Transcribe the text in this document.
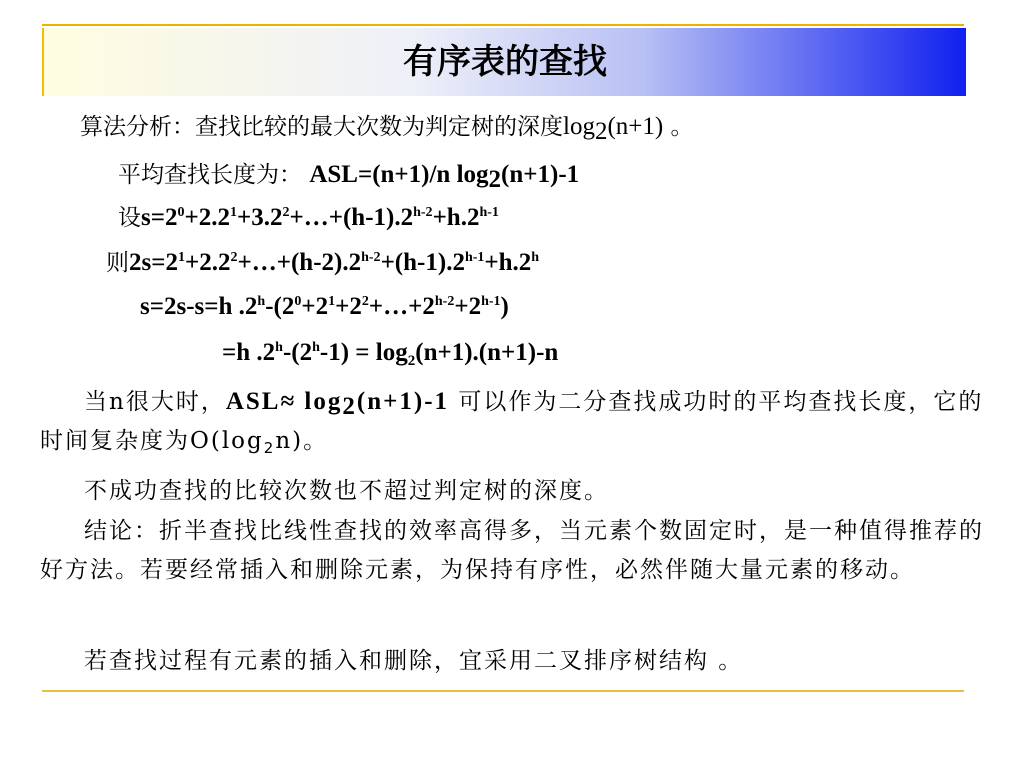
有序表的查找
算法分析：查找比较的最大次数为判定树的深度$\log_2(n+1)$ 。
平均查找长度为： ASL=(n+1)/n $\log_2(n+1)-1$
设$s=2^0+2.2^1+3.2^2+\dots+(h-1).2^{h-2}+h.2^{h-1}$
则$2s=2^1+2.2^2+\dots+(h-2).2^{h-2}+(h-1).2^{h-1}+h.2^h$
s=2s-s=h $.2^h-(2^0+2^1+2^2+\dots+2^{h-2}+2^{h-1})$
=h $.2^h-(2^h-1) = \log_2(n+1).(n+1)-n$
当n很大时，$ASL\approx \log_2(n+1)-1$ 可以作为二分查找成功时的平均查找长度，它的时间复杂度为$O(\log_2n)$。
不成功查找的比较次数也不超过判定树的深度。
结论：折半查找比线性查找的效率高得多，当元素个数固定时，是一种值得推荐的好方法。若要经常插入和删除元素，为保持有序性，必然伴随大量元素的移动。
若查找过程有元素的插入和删除，宜采用二叉排序树结构 。
